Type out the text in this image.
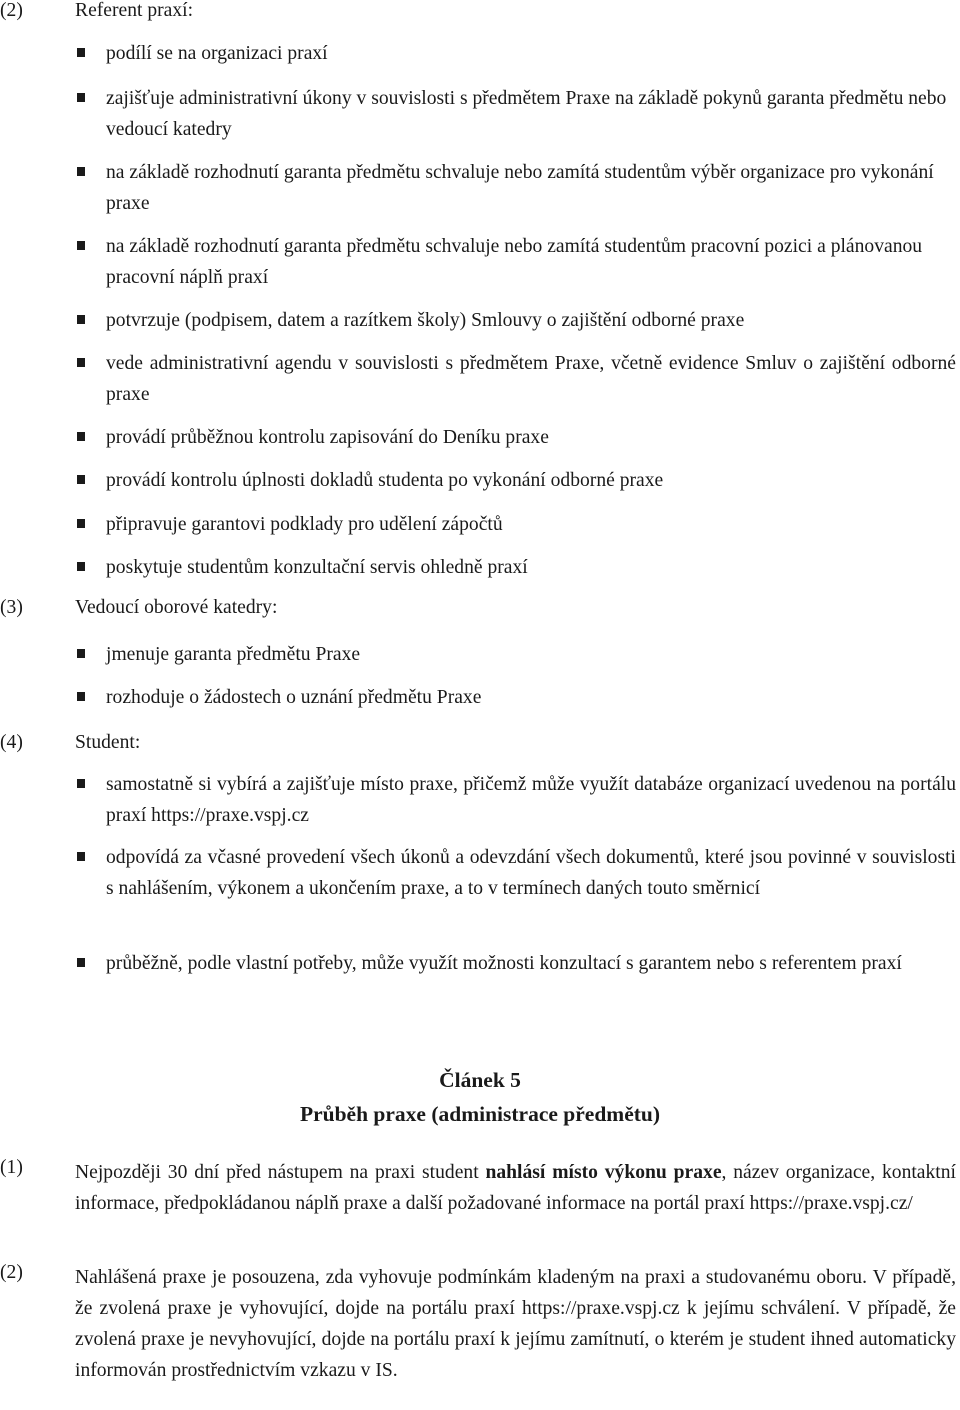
(2)	Referent praxí:
podílí se na organizaci praxí
zajišťuje administrativní úkony v souvislosti s předmětem Praxe na základě pokynů garanta předmětu nebo vedoucí katedry
na základě rozhodnutí garanta předmětu schvaluje nebo zamítá studentům výběr organizace pro vykonání praxe
na základě rozhodnutí garanta předmětu schvaluje nebo zamítá studentům pracovní pozici a plánovanou pracovní náplň praxí
potvrzuje (podpisem, datem a razítkem školy) Smlouvy o zajištění odborné praxe
vede administrativní agendu v souvislosti s předmětem Praxe, včetně evidence Smluv o zajištění odborné praxe
provádí průběžnou kontrolu zapisování do Deníku praxe
provádí kontrolu úplnosti dokladů studenta po vykonání odborné praxe
připravuje garantovi podklady pro udělení zápočtů
poskytuje studentům konzultační servis ohledně praxí
(3)	Vedoucí oborové katedry:
jmenuje garanta předmětu Praxe
rozhoduje o žádostech o uznání předmětu Praxe
(4)	Student:
samostatně si vybírá a zajišťuje místo praxe, přičemž může využít databáze organizací uvedenou na portálu praxí https://praxe.vspj.cz
odpovídá za včasné provedení všech úkonů a odevzdání všech dokumentů, které jsou povinné v souvislosti s nahlášením, výkonem a ukončením praxe, a to v termínech daných touto směrnicí
průběžně, podle vlastní potřeby, může využít možnosti konzultací s garantem nebo s referentem praxí
Článek 5
Průběh praxe (administrace předmětu)
(1)	Nejpozději 30 dní před nástupem na praxi student nahlásí místo výkonu praxe, název organizace, kontaktní informace, předpokládanou náplň praxe a další požadované informace na portál praxí https://praxe.vspj.cz/
(2)	Nahlášená praxe je posouzena, zda vyhovuje podmínkám kladeným na praxi a studovanému oboru. V případě, že zvolená praxe je vyhovující, dojde na portálu praxí https://praxe.vspj.cz k jejímu schválení. V případě, že zvolená praxe je nevyhovující, dojde na portálu praxí k jejímu zamítnutí, o kterém je student ihned automaticky informován prostřednictvím vzkazu v IS.
